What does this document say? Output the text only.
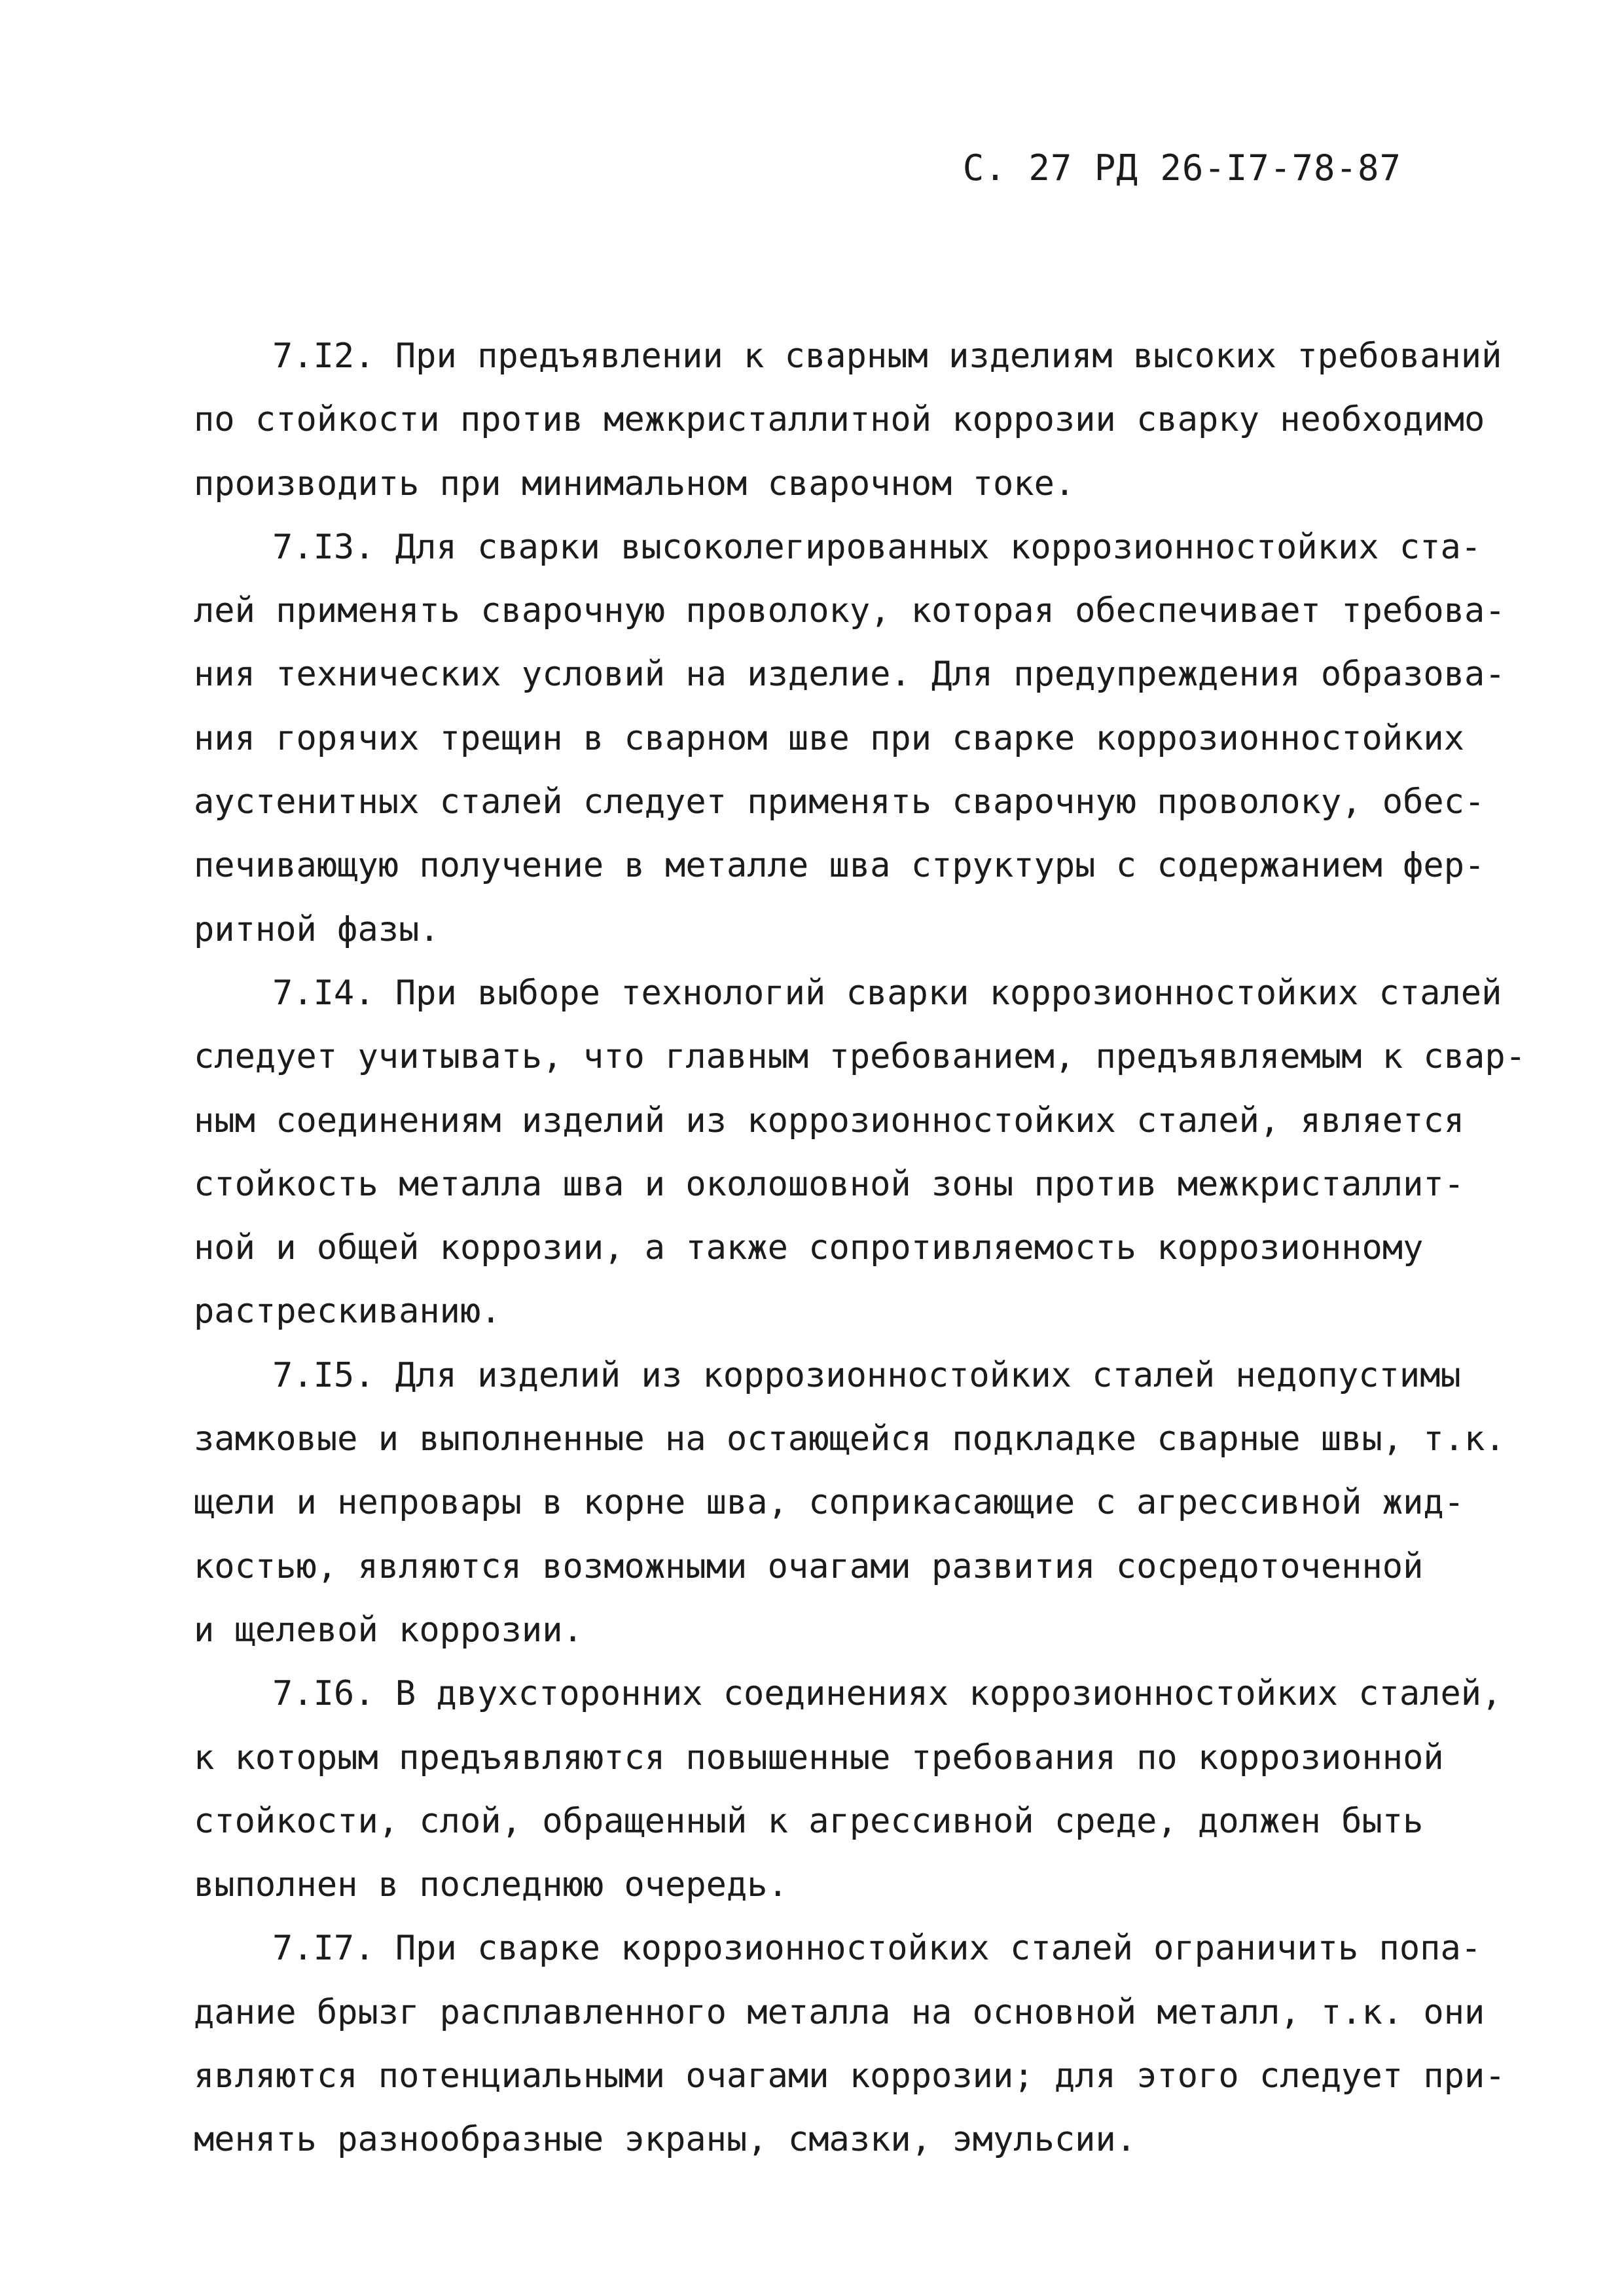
С. 27 РД 26-I7-78-87
7.I2. При предъявлении к сварным изделиям высоких требований
по стойкости против межкристаллитной коррозии сварку необходимо
производить при минимальном сварочном токе.
7.I3. Для сварки высоколегированных коррозионностойких ста-
лей применять сварочную проволоку, которая обеспечивает требова-
ния технических условий на изделие. Для предупреждения образова-
ния горячих трещин в сварном шве при сварке коррозионностойких
аустенитных сталей следует применять сварочную проволоку, обес-
печивающую получение в металле шва структуры с содержанием фер-
ритной фазы.
7.I4. При выборе технологий сварки коррозионностойких сталей
следует учитывать, что главным требованием, предъявляемым к свар-
ным соединениям изделий из коррозионностойких сталей, является
стойкость металла шва и околошовной зоны против межкристаллит-
ной и общей коррозии, а также сопротивляемость коррозионному
растрескиванию.
7.I5. Для изделий из коррозионностойких сталей недопустимы
замковые и выполненные на остающейся подкладке сварные швы, т.к.
щели и непровары в корне шва, соприкасающие с агрессивной жид-
костью, являются возможными очагами развития сосредоточенной
и щелевой коррозии.
7.I6. В двухсторонних соединениях коррозионностойких сталей,
к которым предъявляются повышенные требования по коррозионной
стойкости, слой, обращенный к агрессивной среде, должен быть
выполнен в последнюю очередь.
7.I7. При сварке коррозионностойких сталей ограничить попа-
дание брызг расплавленного металла на основной металл, т.к. они
являются потенциальными очагами коррозии; для этого следует при-
менять разнообразные экраны, смазки, эмульсии.
